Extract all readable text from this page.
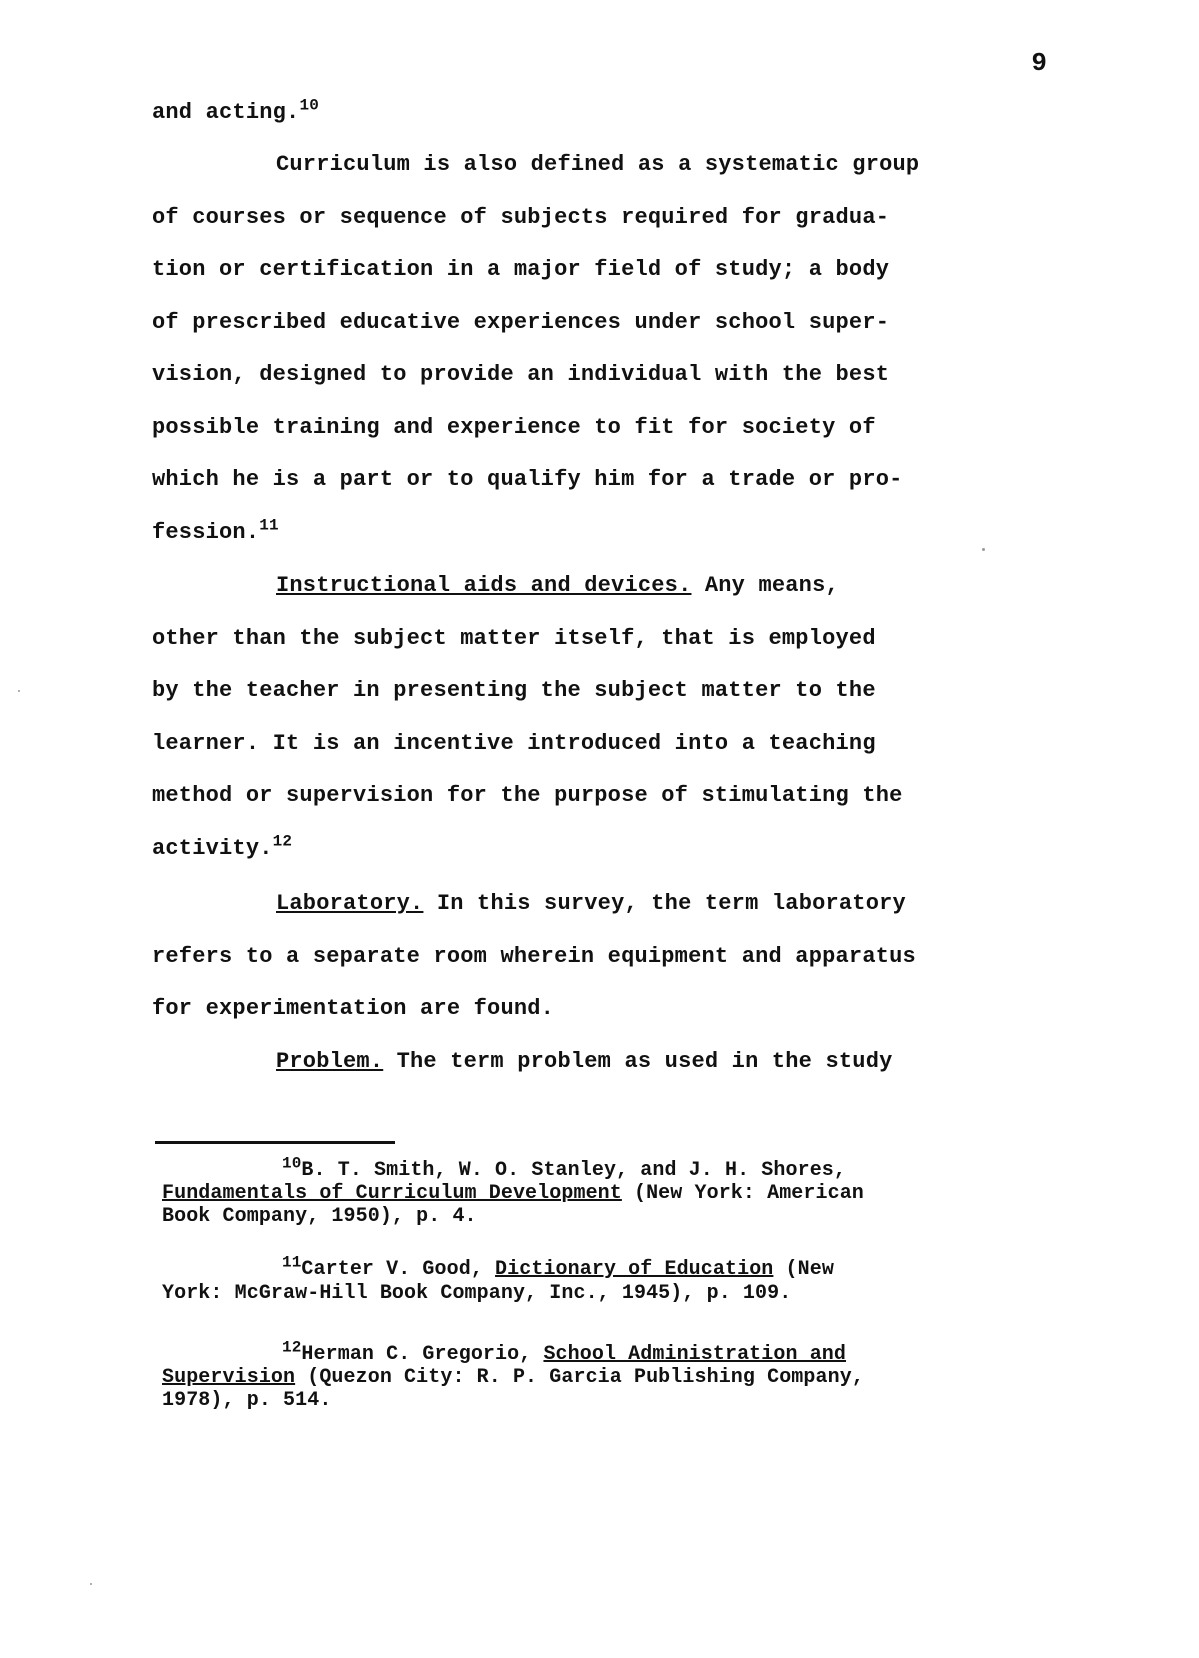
9
and acting.$^{10}$
Curriculum is also defined as a systematic group
of courses or sequence of subjects required for gradua-
tion or certification in a major field of study; a body
of prescribed educative experiences under school super-
vision, designed to provide an individual with the best
possible training and experience to fit for society of
which he is a part or to qualify him for a trade or pro-
fession.$^{11}$
Instructional aids and devices. Any means,
other than the subject matter itself, that is employed
by the teacher in presenting the subject matter to the
learner. It is an incentive introduced into a teaching
method or supervision for the purpose of stimulating the
activity.$^{12}$
Laboratory. In this survey, the term laboratory
refers to a separate room wherein equipment and apparatus
for experimentation are found.
Problem. The term problem as used in the study
$^{10}$B. T. Smith, W. O. Stanley, and J. H. Shores,
Fundamentals of Curriculum Development (New York: American
Book Company, 1950), p. 4.
$^{11}$Carter V. Good, Dictionary of Education (New
York: McGraw-Hill Book Company, Inc., 1945), p. 109.
$^{12}$Herman C. Gregorio, School Administration and
Supervision (Quezon City: R. P. Garcia Publishing Company,
1978), p. 514.
